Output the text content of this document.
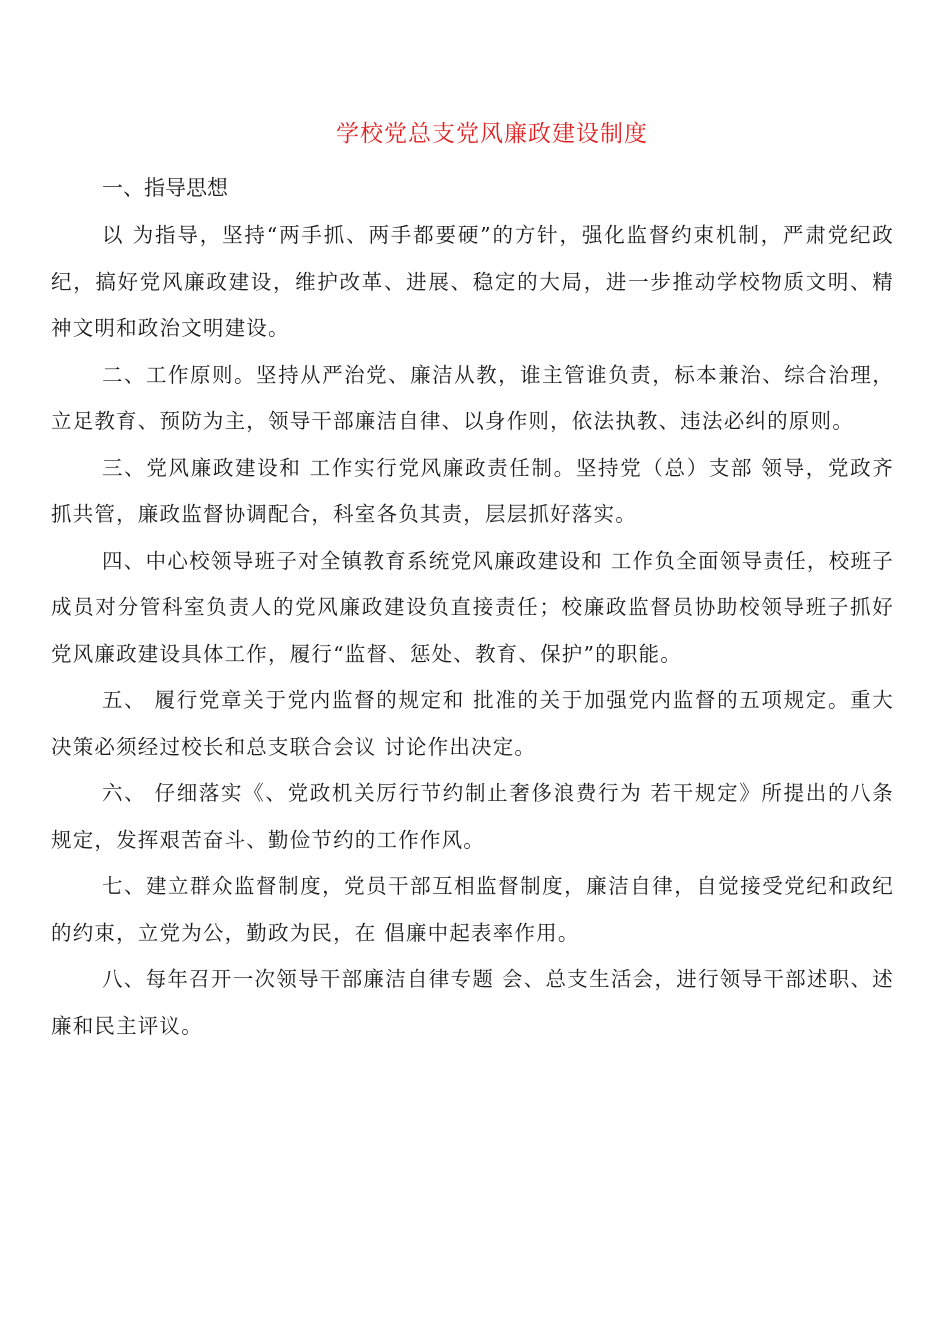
学校党总支党风廉政建设制度
一、指导思想

以 为指导，坚持“两手抓、两手都要硬”的方针，强化监督约束机制，严肃党纪政纪，搞好党风廉政建设，维护改革、进展、稳定的大局，进一步推动学校物质文明、精神文明和政治文明建设。

二、工作原则。坚持从严治党、廉洁从教，谁主管谁负责，标本兼治、综合治理，立足教育、预防为主，领导干部廉洁自律、以身作则，依法执教、违法必纠的原则。

三、党风廉政建设和 工作实行党风廉政责任制。坚持党（总）支部 领导，党政齐抓共管，廉政监督协调配合，科室各负其责，层层抓好落实。

四、中心校领导班子对全镇教育系统党风廉政建设和 工作负全面领导责任，校班子成员对分管科室负责人的党风廉政建设负直接责任；校廉政监督员协助校领导班子抓好党风廉政建设具体工作，履行“监督、惩处、教育、保护”的职能。

五、 履行党章关于党内监督的规定和 批准的关于加强党内监督的五项规定。重大决策必须经过校长和总支联合会议 讨论作出决定。

六、 仔细落实《、党政机关厉行节约制止奢侈浪费行为 若干规定》所提出的八条规定，发挥艰苦奋斗、勤俭节约的工作作风。

七、建立群众监督制度，党员干部互相监督制度，廉洁自律，自觉接受党纪和政纪的约束，立党为公，勤政为民，在 倡廉中起表率作用。

八、每年召开一次领导干部廉洁自律专题 会、总支生活会，进行领导干部述职、述廉和民主评议。
